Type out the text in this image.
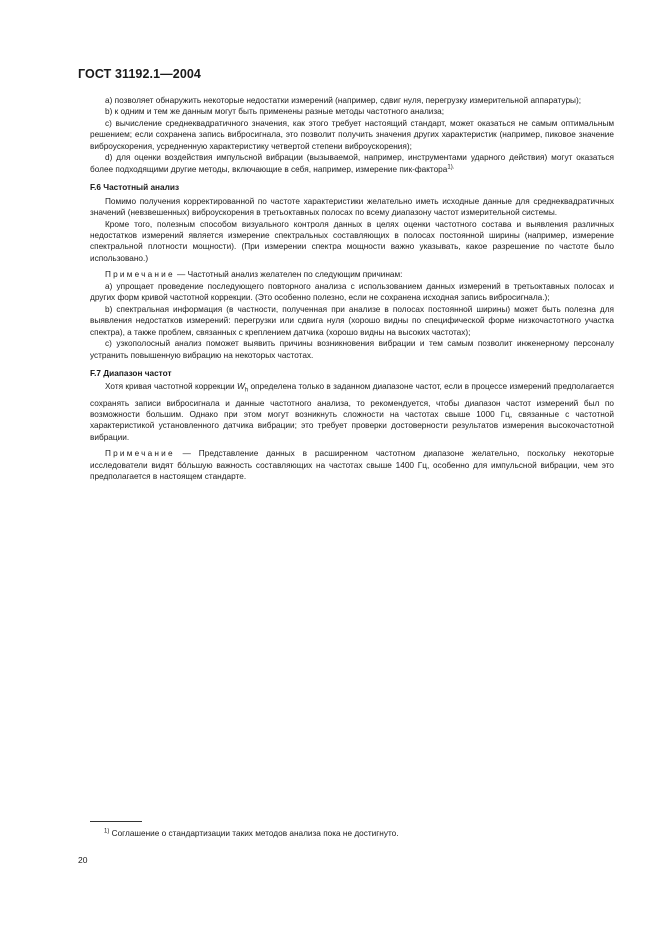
ГОСТ 31192.1—2004

а) позволяет обнаружить некоторые недостатки измерений (например, сдвиг нуля, перегрузку измерительной аппаратуры);

b) к одним и тем же данным могут быть применены разные методы частотного анализа;

с) вычисление среднеквадратичного значения, как этого требует настоящий стандарт, может оказаться не самым оптимальным решением; если сохранена запись вибросигнала, это позволит получить значения других характеристик (например, пиковое значение виброускорения, усредненную характеристику четвертой степени виброускорения);

d) для оценки воздействия импульсной вибрации (вызываемой, например, инструментами ударного действия) могут оказаться более подходящими другие методы, включающие в себя, например, измерение пик-фактора$^{1).}$

F.6 Частотный анализ

Помимо получения корректированной по частоте характеристики желательно иметь исходные данные для среднеквадратичных значений (невзвешенных) виброускорения в третьоктавных полосах по всему диапазону частот измерительной системы.

Кроме того, полезным способом визуального контроля данных в целях оценки частотного состава и выявления различных недостатков измерений является измерение спектральных составляющих в полосах постоянной ширины (например, измерение спектральной плотности мощности). (При измерении спектра мощности важно указывать, какое разрешение по частоте было использовано.)

Примечание — Частотный анализ желателен по следующим причинам:

а) упрощает проведение последующего повторного анализа с использованием данных измерений в третьоктавных полосах и других форм кривой частотной коррекции. (Это особенно полезно, если не сохранена исходная запись вибросигнала.);

b) спектральная информация (в частности, полученная при анализе в полосах постоянной ширины) может быть полезна для выявления недостатков измерений: перегрузки или сдвига нуля (хорошо видны по специфической форме низкочастотного участка спектра), а также проблем, связанных с креплением датчика (хорошо видны на высоких частотах);

с) узкополосный анализ поможет выявить причины возникновения вибрации и тем самым позволит инженерному персоналу устранить повышенную вибрацию на некоторых частотах.

F.7 Диапазон частот

Хотя кривая частотной коррекции $W_h$ определена только в заданном диапазоне частот, если в процессе измерений предполагается сохранять записи вибросигнала и данные частотного анализа, то рекомендуется, чтобы диапазон частот измерений был по возможности большим. Однако при этом могут возникнуть сложности на частотах свыше 1000 Гц, связанные с частотной характеристикой установленного датчика вибрации; это требует проверки достоверности результатов измерения высокочастотной вибрации.

Примечание — Представление данных в расширенном частотном диапазоне желательно, поскольку некоторые исследователи видят бóльшую важность составляющих на частотах свыше 1400 Гц, особенно для импульсной вибрации, чем это предполагается в настоящем стандарте.

$^{1)}$ Соглашение о стандартизации таких методов анализа пока не достигнуто.
20
